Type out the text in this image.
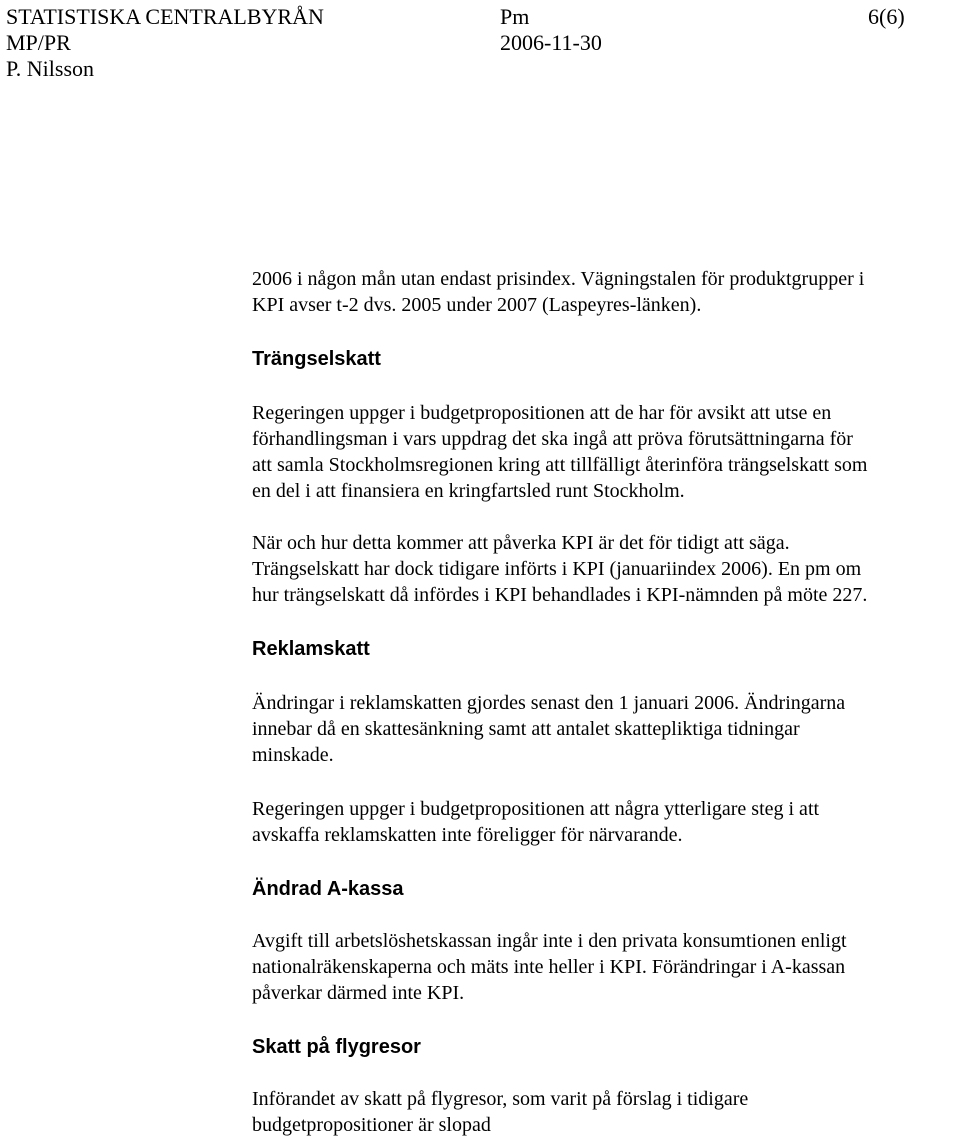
STATISTISKA CENTRALBYRÅN	Pm	6(6)
MP/PR	2006-11-30
P. Nilsson
2006 i någon mån utan endast prisindex. Vägningstalen för produktgrupper i
KPI avser t-2 dvs. 2005 under 2007 (Laspeyres-länken).
Trängselskatt
Regeringen uppger i budgetpropositionen att de har för avsikt att utse en
förhandlingsman i vars uppdrag det ska ingå att pröva förutsättningarna för
att samla Stockholmsregionen kring att tillfälligt återinföra trängselskatt som
en del i att finansiera en kringfartsled runt Stockholm.
När och hur detta kommer att påverka KPI är det för tidigt att säga.
Trängselskatt har dock tidigare införts i KPI (januariindex 2006). En pm om
hur trängselskatt då infördes i KPI behandlades i KPI-nämnden på möte 227.
Reklamskatt
Ändringar i reklamskatten gjordes senast den 1 januari 2006. Ändringarna
innebar då en skattesänkning samt att antalet skattepliktiga tidningar
minskade.
Regeringen uppger i budgetpropositionen att några ytterligare steg i att
avskaffa reklamskatten inte föreligger för närvarande.
Ändrad A-kassa
Avgift till arbetslöshetskassan ingår inte i den privata konsumtionen enligt
nationalräkenskaperna och mäts inte heller i KPI. Förändringar i A-kassan
påverkar därmed inte KPI.
Skatt på flygresor
Införandet av skatt på flygresor, som varit på förslag i tidigare
budgetpropositioner är slopad
